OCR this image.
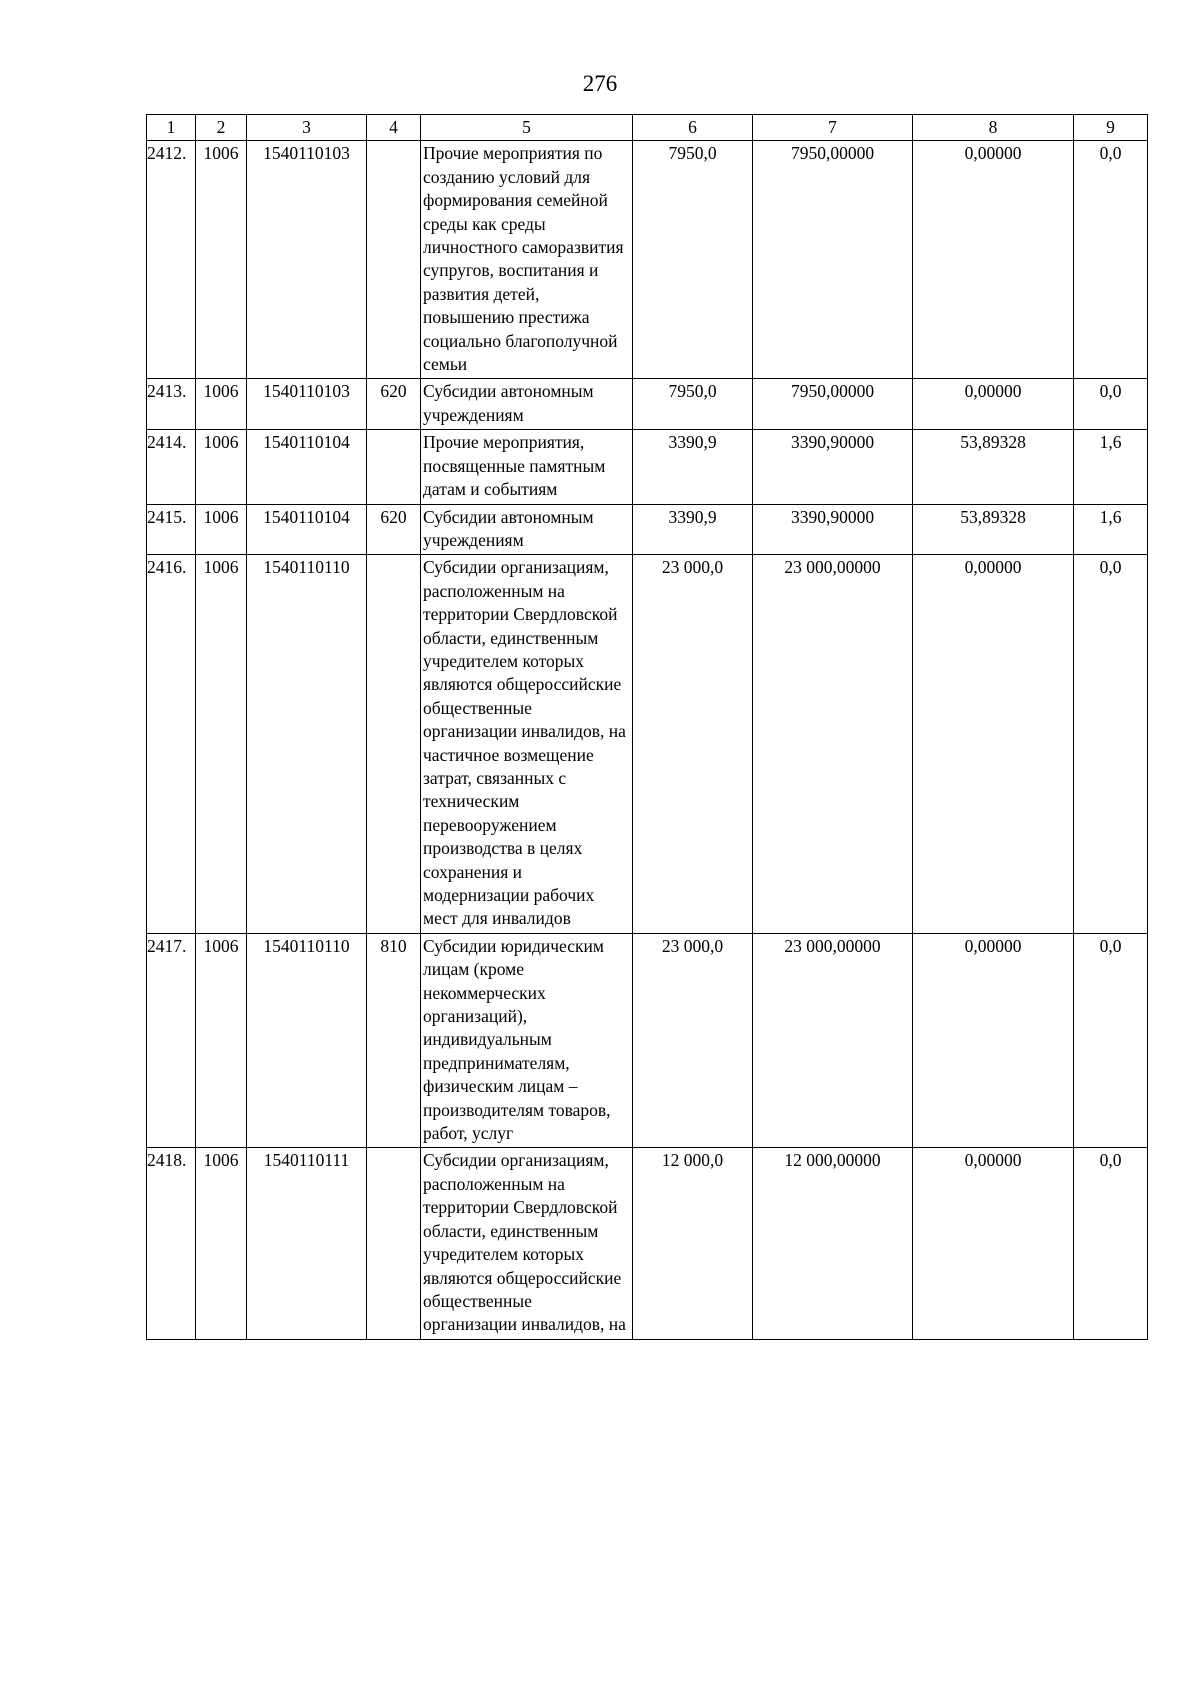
276
1	2	3	4	5	6	7	8	9
2412.	1006	1540110103		Прочие мероприятия по созданию условий для формирования семейной среды как среды личностного саморазвития супругов, воспитания и развития детей, повышению престижа социально благополучной семьи	7950,0	7950,00000	0,00000	0,0
2413.	1006	1540110103	620	Субсидии автономным учреждениям	7950,0	7950,00000	0,00000	0,0
2414.	1006	1540110104		Прочие мероприятия, посвященные памятным датам и событиям	3390,9	3390,90000	53,89328	1,6
2415.	1006	1540110104	620	Субсидии автономным учреждениям	3390,9	3390,90000	53,89328	1,6
2416.	1006	1540110110		Субсидии организациям, расположенным на территории Свердловской области, единственным учредителем которых являются общероссийские общественные организации инвалидов, на частичное возмещение затрат, связанных с техническим перевооружением производства в целях сохранения и модернизации рабочих мест для инвалидов	23 000,0	23 000,00000	0,00000	0,0
2417.	1006	1540110110	810	Субсидии юридическим лицам (кроме некоммерческих организаций), индивидуальным предпринимателям, физическим лицам – производителям товаров, работ, услуг	23 000,0	23 000,00000	0,00000	0,0
2418.	1006	1540110111		Субсидии организациям, расположенным на территории Свердловской области, единственным учредителем которых являются общероссийские общественные организации инвалидов, на	12 000,0	12 000,00000	0,00000	0,0
